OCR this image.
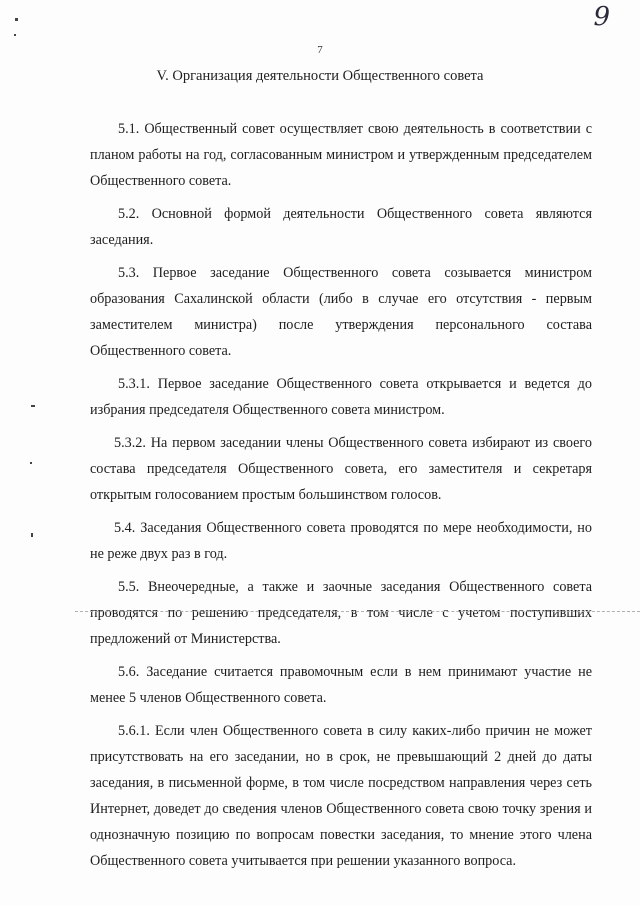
9
7
V. Организация деятельности Общественного совета

5.1. Общественный совет осуществляет свою деятельность в соответствии с планом работы на год, согласованным министром и утвержденным председателем Общественного совета.

5.2. Основной формой деятельности Общественного совета являются заседания.

5.3. Первое заседание Общественного совета созывается министром образования Сахалинской области (либо в случае его отсутствия - первым заместителем министра) после утверждения персонального состава Общественного совета.

5.3.1. Первое заседание Общественного совета открывается и ведется до избрания председателя Общественного совета министром.

5.3.2. На первом заседании члены Общественного совета избирают из своего состава председателя Общественного совета, его заместителя и секретаря открытым голосованием простым большинством голосов.

5.4. Заседания Общественного совета проводятся по мере необходимости, но не реже двух раз в год.

5.5. Внеочередные, а также и заочные заседания Общественного совета проводятся по решению председателя, в том числе с учетом поступивших предложений от Министерства.

5.6. Заседание считается правомочным если в нем принимают участие не менее 5 членов Общественного совета.

5.6.1. Если член Общественного совета в силу каких-либо причин не может присутствовать на его заседании, но в срок, не превышающий 2 дней до даты заседания, в письменной форме, в том числе посредством направления через сеть Интернет, доведет до сведения членов Общественного совета свою точку зрения и однозначную позицию по вопросам повестки заседания, то мнение этого члена Общественного совета учитывается при решении указанного вопроса.
